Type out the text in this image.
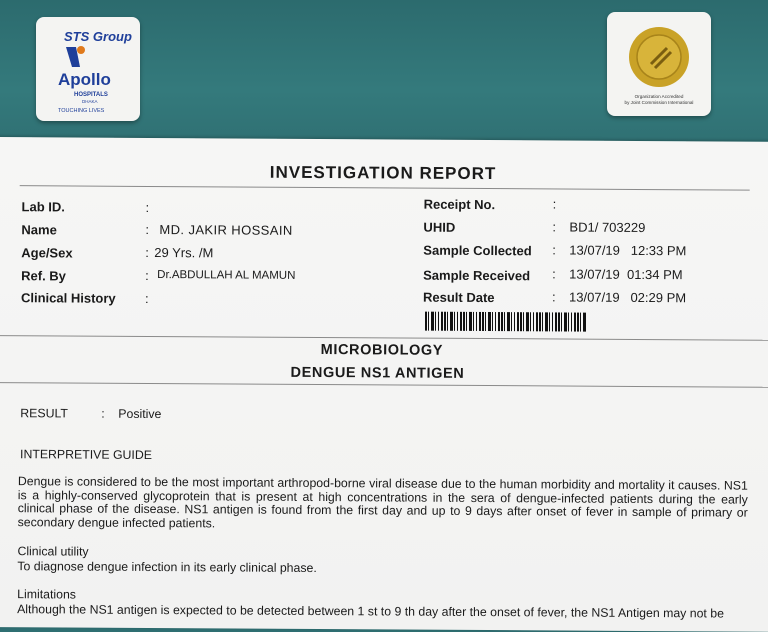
STS Group
Apollo
HOSPITALS
DHAKA
TOUCHING LIVES
Organization Accredited
by Joint Commission International
INVESTIGATION REPORT
Lab ID.	:
Name	: MD. JAKIR HOSSAIN
Age/Sex	: 29 Yrs. /M
Ref. By	: Dr.ABDULLAH AL MAMUN
Clinical History :
Receipt No.	:
UHID	: BD1/ 703229
Sample Collected : 13/07/19   12:33 PM
Sample Received : 13/07/19  01:34 PM
Result Date	: 13/07/19   02:29 PM
MICROBIOLOGY
DENGUE NS1 ANTIGEN
RESULT	: Positive
INTERPRETIVE GUIDE
Dengue is considered to be the most important arthropod-borne viral disease due to the human morbidity and mortality it causes. NS1 is a highly-conserved glycoprotein that is present at high concentrations in the sera of dengue-infected patients during the early clinical phase of the disease. NS1 antigen is found from the first day and up to 9 days after onset of fever in sample of primary or secondary dengue infected patients.
Clinical utility
To diagnose dengue infection in its early clinical phase.
Limitations
Although the NS1 antigen is expected to be detected between 1 st to 9 th day after the onset of fever, the NS1 Antigen may not be
